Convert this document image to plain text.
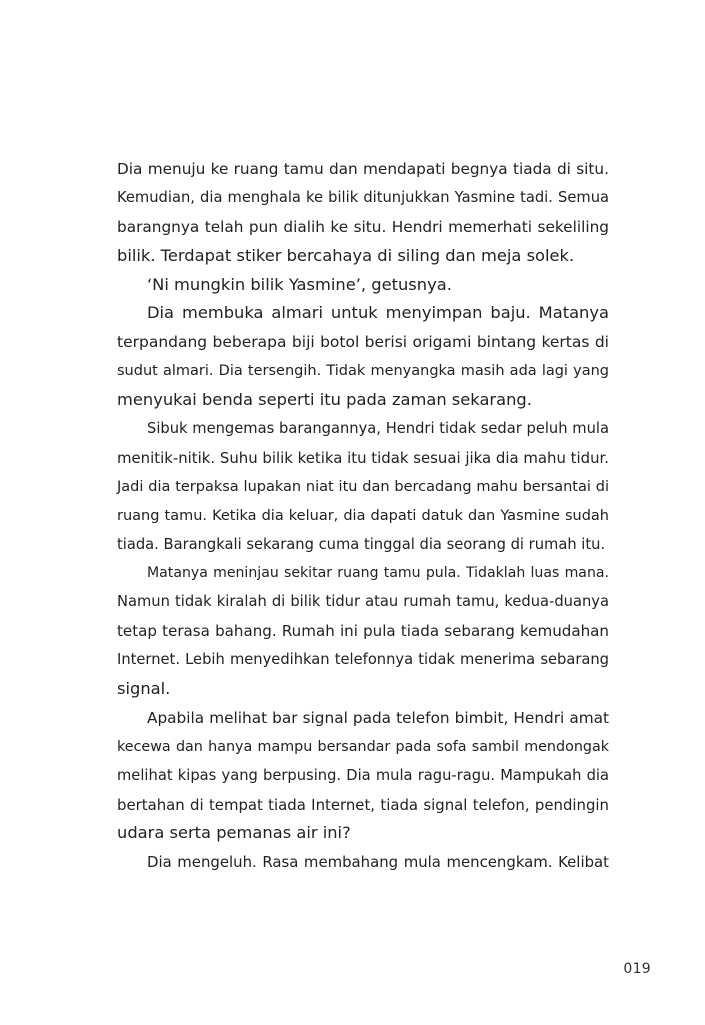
Dia menuju ke ruang tamu dan mendapati begnya tiada di situ.
Kemudian, dia menghala ke bilik ditunjukkan Yasmine tadi. Semua
barangnya telah pun dialih ke situ. Hendri memerhati sekeliling
bilik. Terdapat stiker bercahaya di siling dan meja solek.
‘Ni mungkin bilik Yasmine’, getusnya.
Dia membuka almari untuk menyimpan baju. Matanya
terpandang beberapa biji botol berisi origami bintang kertas di
sudut almari. Dia tersengih. Tidak menyangka masih ada lagi yang
menyukai benda seperti itu pada zaman sekarang.
Sibuk mengemas barangannya, Hendri tidak sedar peluh mula
menitik-nitik. Suhu bilik ketika itu tidak sesuai jika dia mahu tidur.
Jadi dia terpaksa lupakan niat itu dan bercadang mahu bersantai di
ruang tamu. Ketika dia keluar, dia dapati datuk dan Yasmine sudah
tiada. Barangkali sekarang cuma tinggal dia seorang di rumah itu.
Matanya meninjau sekitar ruang tamu pula. Tidaklah luas mana.
Namun tidak kiralah di bilik tidur atau rumah tamu, kedua-duanya
tetap terasa bahang. Rumah ini pula tiada sebarang kemudahan
Internet. Lebih menyedihkan telefonnya tidak menerima sebarang
signal.
Apabila melihat bar signal pada telefon bimbit, Hendri amat
kecewa dan hanya mampu bersandar pada sofa sambil mendongak
melihat kipas yang berpusing. Dia mula ragu-ragu. Mampukah dia
bertahan di tempat tiada Internet, tiada signal telefon, pendingin
udara serta pemanas air ini?
Dia mengeluh. Rasa membahang mula mencengkam. Kelibat
019
